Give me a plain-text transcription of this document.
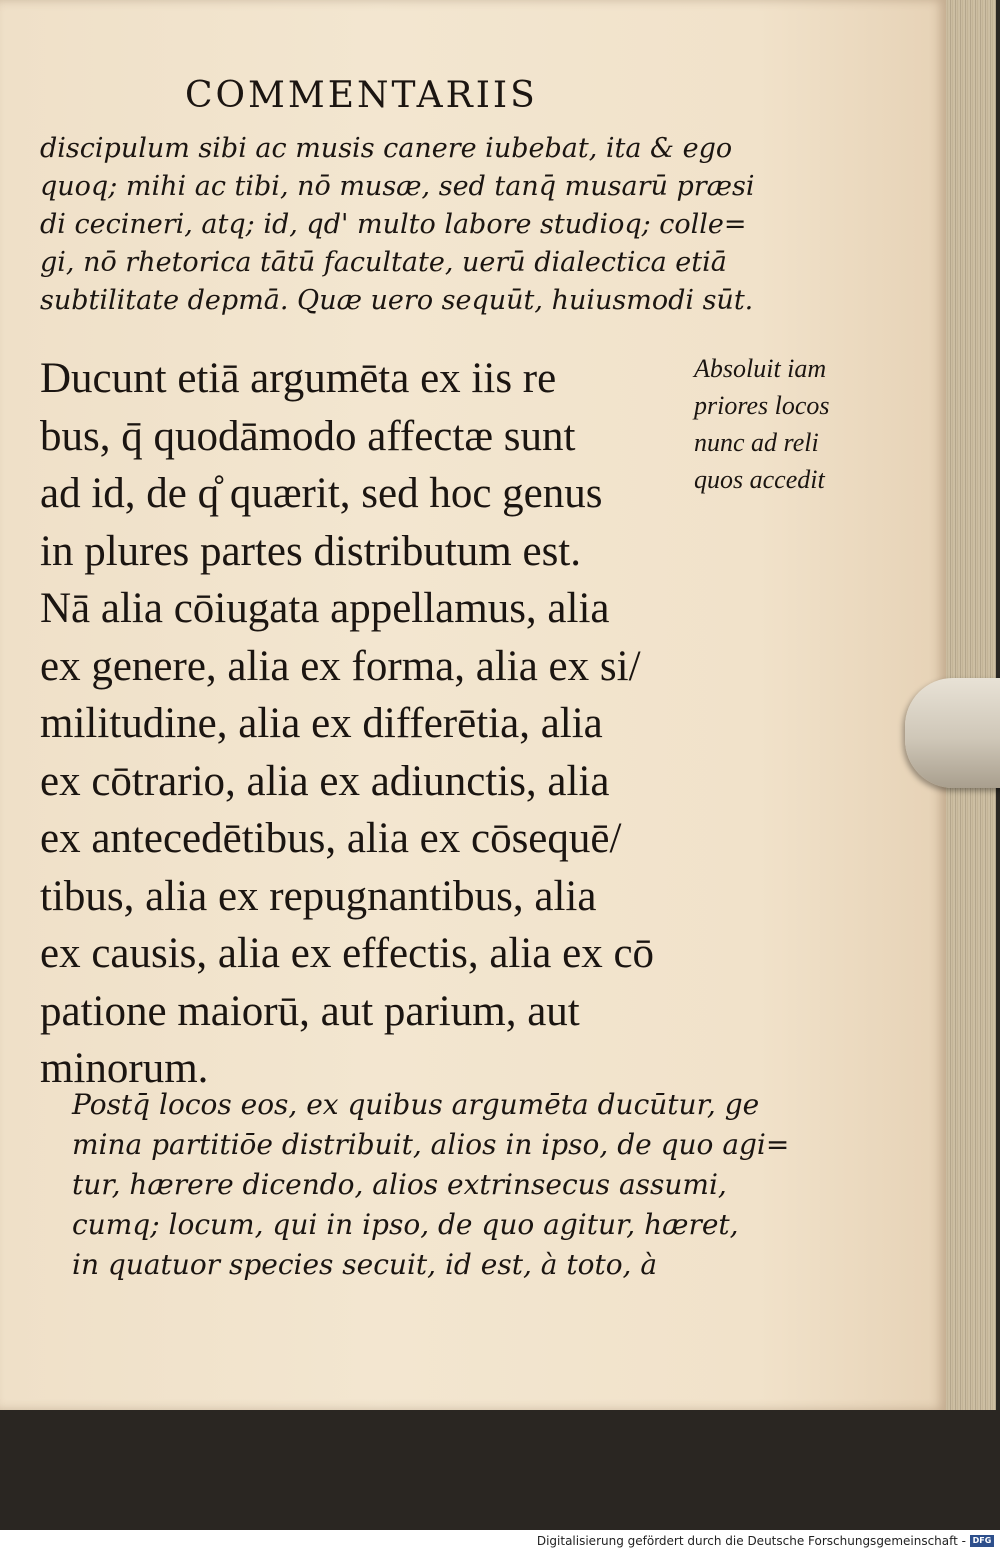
COMMENTARIIS
discipulum sibi ac musis canere iubebat, ita & ego
quoq; mihi ac tibi, nō musæ, sed tanq̄ musarū præsi
di cecineri, atq; id, qd' multo labore studioq; colle=
gi, nō rhetorica tātū facultate, uerū dialectica etiā
subtilitate depmā. Quæ uero sequūt, huiusmodi sūt.
Ducunt etiā argumēta ex iis re
bus, q̄ quodāmodo affectæ sunt
ad id, de q̊ quærit, sed hoc genus
in plures partes distributum est.
Nā alia cōiugata appellamus, alia
ex genere, alia ex forma, alia ex si/
militudine, alia ex differētia, alia
ex cōtrario, alia ex adiunctis, alia
ex antecedētibus, alia ex cōsequē/
tibus, alia ex repugnantibus, alia
ex causis, alia ex effectis, alia ex cō
patione maiorū, aut parium, aut
minorum.
Absoluit iam
priores locos
nunc ad reli
quos accedit
Postq̄ locos eos, ex quibus argumēta ducūtur, ge
mina partitiōe distribuit, alios in ipso, de quo agi=
tur, hærere dicendo, alios extrinsecus assumi,
cumq; locum, qui in ipso, de quo agitur, hæret,
in quatuor species secuit, id est, à toto, à
Digitalisierung gefördert durch die Deutsche Forschungsgemeinschaft - DFG
